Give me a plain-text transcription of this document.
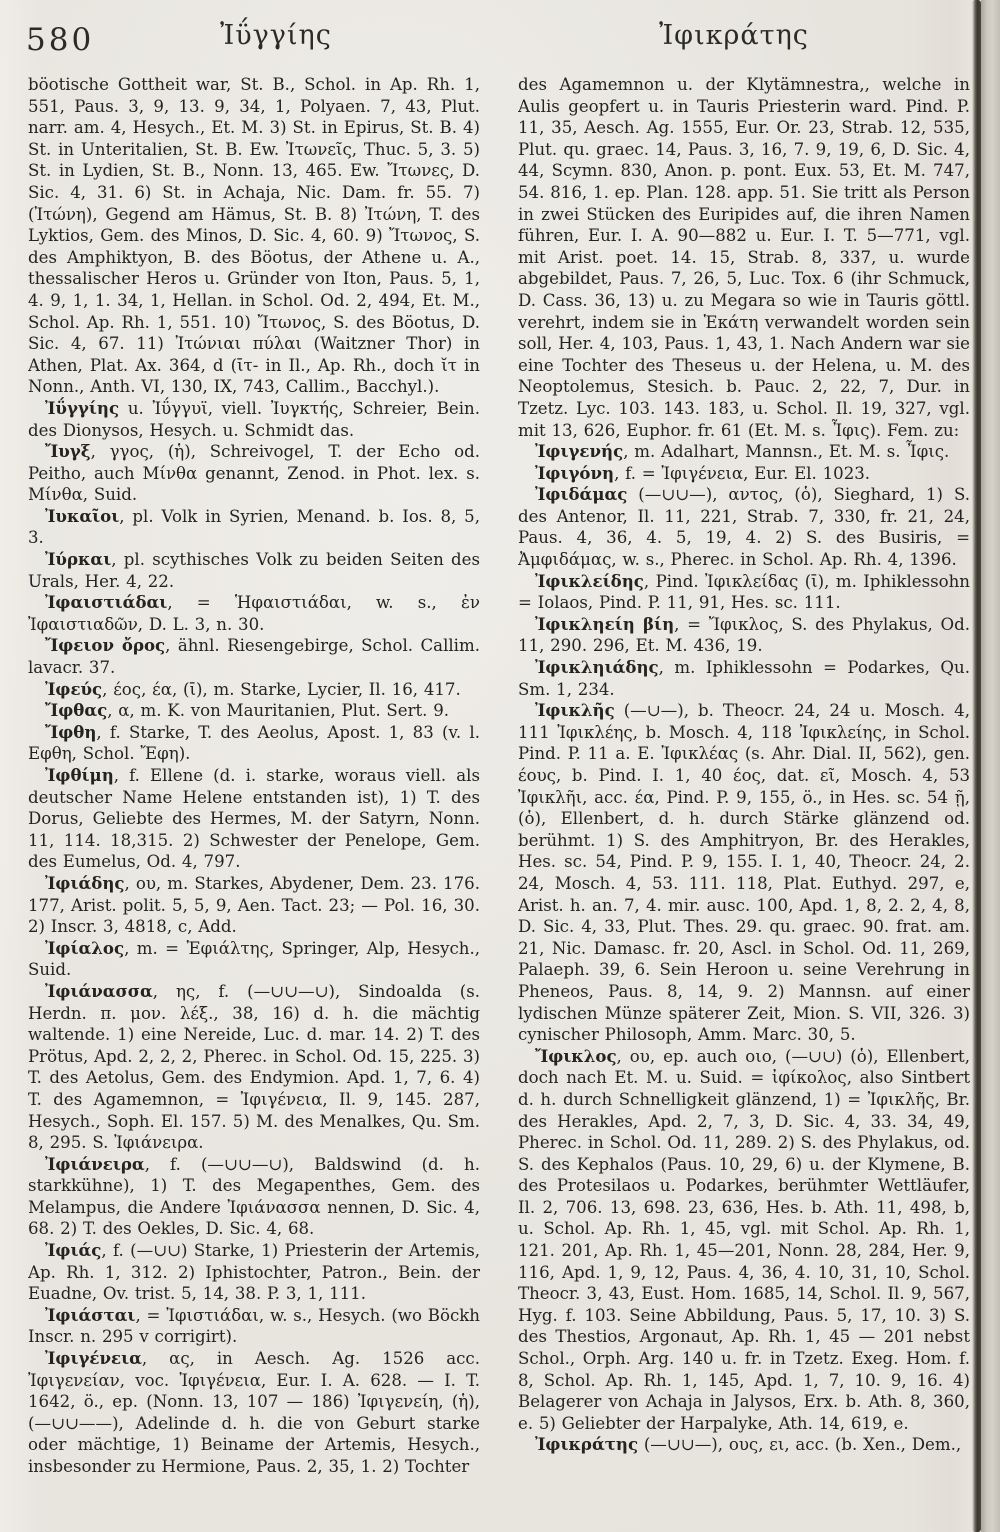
580	Ἰΰγγίης	Ἰφικράτης

böotische Gottheit war, St. B., Schol. in Ap. Rh. 1, 551, Paus. 3, 9, 13. 9, 34, 1, Polyaen. 7, 43, Plut. narr. am. 4, Hesych., Et. M. 3) St. in Epirus, St. B. 4) St. in Unteritalien, St. B. Ew. Ἰτωνεῖς, Thuc. 5, 3. 5) St. in Lydien, St. B., Nonn. 13, 465. Ew. Ἴτωνες, D. Sic. 4, 31. 6) St. in Achaja, Nic. Dam. fr. 55. 7) (Ἰτώνη), Gegend am Hämus, St. B. 8) Ἰτώνη, T. des Lyktios, Gem. des Minos, D. Sic. 4, 60. 9) Ἴτωνος, S. des Amphiktyon, B. des Böotus, der Athene u. A., thessalischer Heros u. Gründer von Iton, Paus. 5, 1, 4. 9, 1, 1. 34, 1, Hellan. in Schol. Od. 2, 494, Et. M., Schol. Ap. Rh. 1, 551. 10) Ἴτωνος, S. des Böotus, D. Sic. 4, 67. 11) Ἰτώνιαι πύλαι (Waitzner Thor) in Athen, Plat. Ax. 364, d (ῑτ- in Il., Ap. Rh., doch ῐτ in Nonn., Anth. VI, 130, IX, 743, Callim., Bacchyl.).

Ἰΰγγίης u. Ἰΰγγυϊ, viell. Ἰυγκτής, Schreier, Bein. des Dionysos, Hesych. u. Schmidt das.

Ἴυγξ, γγος, (ἡ), Schreivogel, T. der Echo od. Peitho, auch Μίνθα genannt, Zenod. in Phot. lex. s. Μίνθα, Suid.

Ἰυκαῖοι, pl. Volk in Syrien, Menand. b. Ios. 8, 5, 3.

Ἰύρκαι, pl. scythisches Volk zu beiden Seiten des Urals, Her. 4, 22.

Ἰφαιστιάδαι, = Ἡφαιστιάδαι, w. s., ἐν Ἰφαιστιαδῶν, D. L. 3, n. 30.

Ἴφειον ὄρος, ähnl. Riesengebirge, Schol. Callim. lavacr. 37.

Ἰφεύς, έος, έα, (ῑ), m. Starke, Lycier, Il. 16, 417.

Ἴφθας, α, m. K. von Mauritanien, Plut. Sert. 9.

Ἴφθη, f. Starke, T. des Aeolus, Apost. 1, 83 (v. l. Εφθη, Schol. Ἔφη).

Ἰφθίμη, f. Ellene (d. i. starke, woraus viell. als deutscher Name Helene entstanden ist), 1) T. des Dorus, Geliebte des Hermes, M. der Satyrn, Nonn. 11, 114. 18,315. 2) Schwester der Penelope, Gem. des Eumelus, Od. 4, 797.

Ἰφιάδης, ου, m. Starkes, Abydener, Dem. 23. 176. 177, Arist. polit. 5, 5, 9, Aen. Tact. 23; — Pol. 16, 30. 2) Inscr. 3, 4818, c, Add.

Ἰφίαλος, m. = Ἐφιάλτης, Springer, Alp, Hesych., Suid.

Ἰφιάνασσα, ης, f. (—∪∪—∪), Sindoalda (s. Herdn. π. μον. λέξ., 38, 16) d. h. die mächtig waltende. 1) eine Nereide, Luc. d. mar. 14. 2) T. des Prötus, Apd. 2, 2, 2, Pherec. in Schol. Od. 15, 225. 3) T. des Aetolus, Gem. des Endymion. Apd. 1, 7, 6. 4) T. des Agamemnon, = Ἰφιγένεια, Il. 9, 145. 287, Hesych., Soph. El. 157. 5) M. des Menalkes, Qu. Sm. 8, 295. S. Ἰφιάνειρα.

Ἰφιάνειρα, f. (—∪∪—∪), Baldswind (d. h. starkkühne), 1) T. des Megapenthes, Gem. des Melampus, die Andere Ἰφιάνασσα nennen, D. Sic. 4, 68. 2) T. des Oekles, D. Sic. 4, 68.

Ἰφιάς, f. (—∪∪) Starke, 1) Priesterin der Artemis, Ap. Rh. 1, 312. 2) Iphistochter, Patron., Bein. der Euadne, Ov. trist. 5, 14, 38. P. 3, 1, 111.

Ἰφιάσται, = Ἰφιστιάδαι, w. s., Hesych. (wo Böckh Inscr. n. 295 v corrigirt).

Ἰφιγένεια, ας, in Aesch. Ag. 1526 acc. Ἰφιγενείαν, voc. Ἰφιγένεια, Eur. I. A. 628. — I. T. 1642, ö., ep. (Nonn. 13, 107 — 186) Ἰφιγενείη, (ἡ), (—∪∪——), Adelinde d. h. die von Geburt starke oder mächtige, 1) Beiname der Artemis, Hesych., insbesonder zu Hermione, Paus. 2, 35, 1. 2) Tochter

des Agamemnon u. der Klytämnestra,, welche in Aulis geopfert u. in Tauris Priesterin ward. Pind. P. 11, 35, Aesch. Ag. 1555, Eur. Or. 23, Strab. 12, 535, Plut. qu. graec. 14, Paus. 3, 16, 7. 9, 19, 6, D. Sic. 4, 44, Scymn. 830, Anon. p. pont. Eux. 53, Et. M. 747, 54. 816, 1. ep. Plan. 128. app. 51. Sie tritt als Person in zwei Stücken des Euripides auf, die ihren Namen führen, Eur. I. A. 90—882 u. Eur. I. T. 5—771, vgl. mit Arist. poet. 14. 15, Strab. 8, 337, u. wurde abgebildet, Paus. 7, 26, 5, Luc. Tox. 6 (ihr Schmuck, D. Cass. 36, 13) u. zu Megara so wie in Tauris göttl. verehrt, indem sie in Ἑκάτη verwandelt worden sein soll, Her. 4, 103, Paus. 1, 43, 1. Nach Andern war sie eine Tochter des Theseus u. der Helena, u. M. des Neoptolemus, Stesich. b. Pauc. 2, 22, 7, Dur. in Tzetz. Lyc. 103. 143. 183, u. Schol. Il. 19, 327, vgl. mit 13, 626, Euphor. fr. 61 (Et. M. s. Ἶφις). Fem. zu:

Ἰφιγενής, m. Adalhart, Mannsn., Et. M. s. Ἶφις.

Ἰφιγόνη, f. = Ἰφιγένεια, Eur. El. 1023.

Ἰφιδάμας (—∪∪—), αντος, (ὁ), Sieghard, 1) S. des Antenor, Il. 11, 221, Strab. 7, 330, fr. 21, 24, Paus. 4, 36, 4. 5, 19, 4. 2) S. des Busiris, = Ἀμφιδάμας, w. s., Pherec. in Schol. Ap. Rh. 4, 1396.

Ἰφικλείδης, Pind. Ἰφικλείδας (ῑ), m. Iphiklessohn = Iolaos, Pind. P. 11, 91, Hes. sc. 111.

Ἰφικληείη βίη, = Ἴφικλος, S. des Phylakus, Od. 11, 290. 296, Et. M. 436, 19.

Ἰφικληιάδης, m. Iphiklessohn = Podarkes, Qu. Sm. 1, 234.

Ἰφικλῆς (—∪—), b. Theocr. 24, 24 u. Mosch. 4, 111 Ἰφικλέης, b. Mosch. 4, 118 Ἰφικλείης, in Schol. Pind. P. 11 a. E. Ἰφικλέας (s. Ahr. Dial. II, 562), gen. έους, b. Pind. I. 1, 40 έος, dat. εῖ, Mosch. 4, 53 Ἰφικλῆι, acc. έα, Pind. P. 9, 155, ö., in Hes. sc. 54 ῇ, (ὁ), Ellenbert, d. h. durch Stärke glänzend od. berühmt. 1) S. des Amphitryon, Br. des Herakles, Hes. sc. 54, Pind. P. 9, 155. I. 1, 40, Theocr. 24, 2. 24, Mosch. 4, 53. 111. 118, Plat. Euthyd. 297, e, Arist. h. an. 7, 4. mir. ausc. 100, Apd. 1, 8, 2. 2, 4, 8, D. Sic. 4, 33, Plut. Thes. 29. qu. graec. 90. frat. am. 21, Nic. Damasc. fr. 20, Ascl. in Schol. Od. 11, 269, Palaeph. 39, 6. Sein Heroon u. seine Verehrung in Pheneos, Paus. 8, 14, 9. 2) Mannsn. auf einer lydischen Münze späterer Zeit, Mion. S. VII, 326. 3) cynischer Philosoph, Amm. Marc. 30, 5.

Ἴφικλος, ου, ep. auch οιο, (—∪∪) (ὁ), Ellenbert, doch nach Et. M. u. Suid. = ἰφίκολος, also Sintbert d. h. durch Schnelligkeit glänzend, 1) = Ἰφικλῆς, Br. des Herakles, Apd. 2, 7, 3, D. Sic. 4, 33. 34, 49, Pherec. in Schol. Od. 11, 289. 2) S. des Phylakus, od. S. des Kephalos (Paus. 10, 29, 6) u. der Klymene, B. des Protesilaos u. Podarkes, berühmter Wettläufer, Il. 2, 706. 13, 698. 23, 636, Hes. b. Ath. 11, 498, b, u. Schol. Ap. Rh. 1, 45, vgl. mit Schol. Ap. Rh. 1, 121. 201, Ap. Rh. 1, 45—201, Nonn. 28, 284, Her. 9, 116, Apd. 1, 9, 12, Paus. 4, 36, 4. 10, 31, 10, Schol. Theocr. 3, 43, Eust. Hom. 1685, 14, Schol. Il. 9, 567, Hyg. f. 103. Seine Abbildung, Paus. 5, 17, 10. 3) S. des Thestios, Argonaut, Ap. Rh. 1, 45 — 201 nebst Schol., Orph. Arg. 140 u. fr. in Tzetz. Exeg. Hom. f. 8, Schol. Ap. Rh. 1, 145, Apd. 1, 7, 10. 9, 16. 4) Belagerer von Achaja in Jalysos, Erx. b. Ath. 8, 360, e. 5) Geliebter der Harpalyke, Ath. 14, 619, e.

Ἰφικράτης (—∪∪—), ους, ει, acc. (b. Xen., Dem.,
